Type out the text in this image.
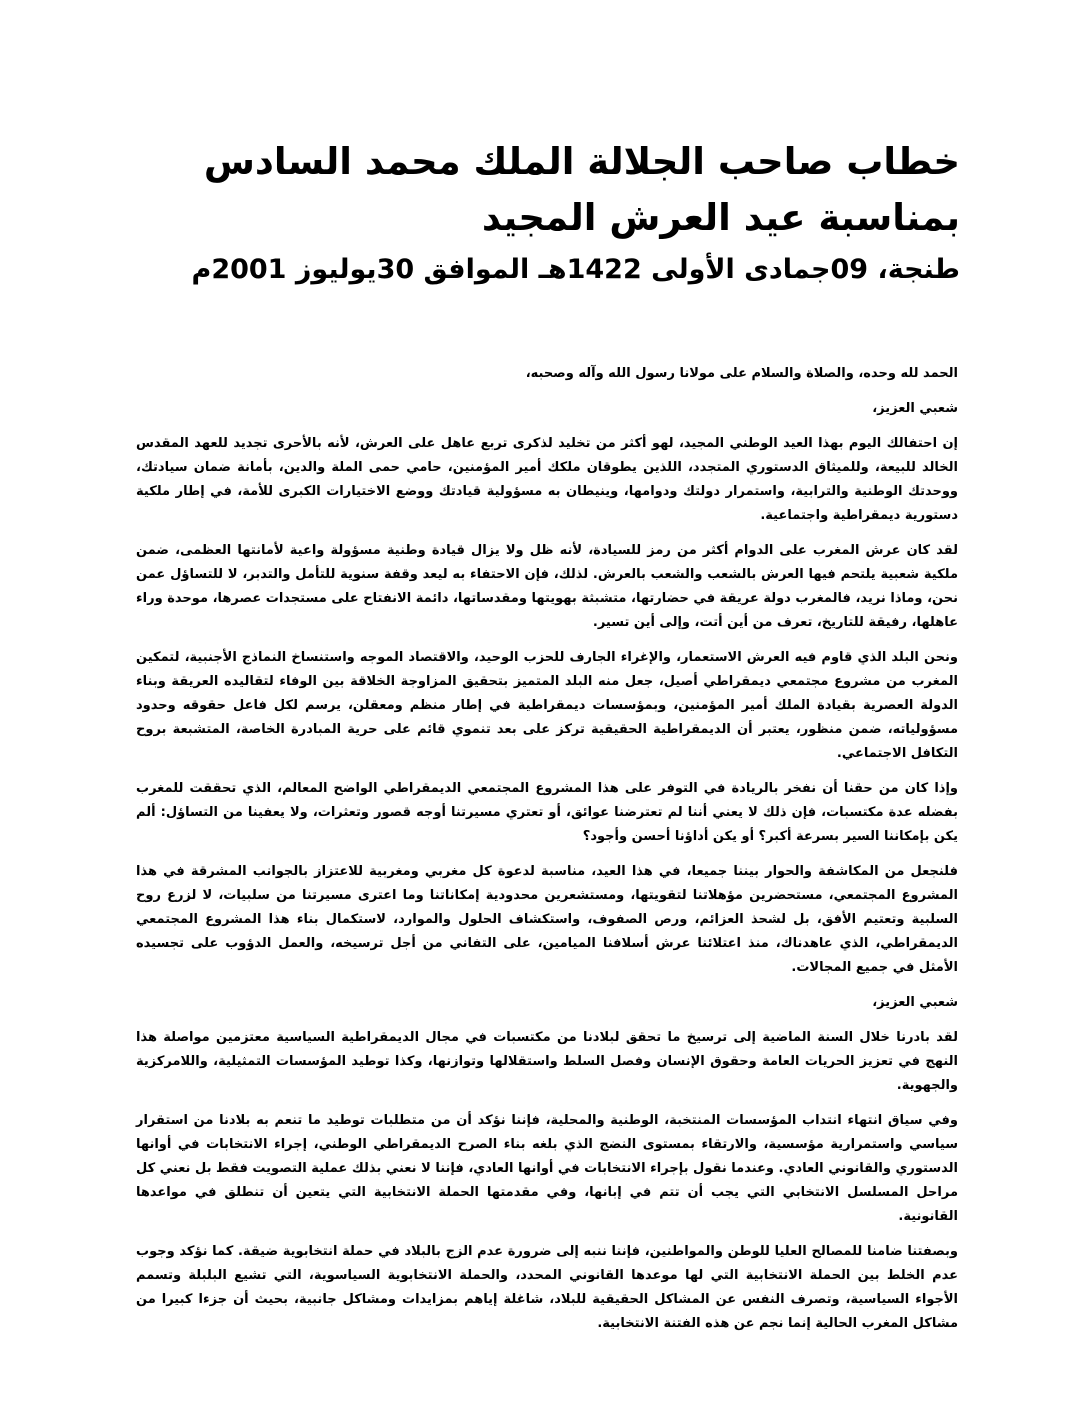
خطاب صاحب الجلالة الملك محمد السادس بمناسبة عيد العرش المجيد
طنجة، 09جمادى الأولى 1422هـ الموافق 30يوليوز 2001م

الحمد لله وحده، والصلاة والسلام على مولانا رسول الله وآله وصحبه،

شعبي العزيز،

إن احتفالك اليوم بهذا العيد الوطني المجيد، لهو أكثر من تخليد لذكرى تربع عاهل على العرش، لأنه بالأحرى تجديد للعهد المقدس الخالد للبيعة، وللميثاق الدستوري المتجدد، اللذين يطوقان ملكك أمير المؤمنين، حامي حمى الملة والدين، بأمانة ضمان سيادتك، ووحدتك الوطنية والترابية، واستمرار دولتك ودوامها، وينيطان به مسؤولية قيادتك ووضع الاختيارات الكبرى للأمة، في إطار ملكية دستورية ديمقراطية واجتماعية.

لقد كان عرش المغرب على الدوام أكثر من رمز للسيادة، لأنه ظل ولا يزال قيادة وطنية مسؤولة واعية لأمانتها العظمى، ضمن ملكية شعبية يلتحم فيها العرش بالشعب والشعب بالعرش. لذلك، فإن الاحتفاء به ليعد وقفة سنوية للتأمل والتدبر، لا للتساؤل عمن نحن، وماذا نريد، فالمغرب دولة عريقة في حضارتها، متشبثة بهويتها ومقدساتها، دائمة الانفتاح على مستجدات عصرها، موحدة وراء عاهلها، رفيقة للتاريخ، تعرف من أين أتت، وإلى أين تسير.

ونحن البلد الذي قاوم فيه العرش الاستعمار، والإغراء الجارف للحزب الوحيد، والاقتصاد الموجه واستنساخ النماذج الأجنبية، لتمكين المغرب من مشروع مجتمعي ديمقراطي أصيل، جعل منه البلد المتميز بتحقيق المزاوجة الخلاقة بين الوفاء لتقاليده العريقة وبناء الدولة العصرية بقيادة الملك أمير المؤمنين، وبمؤسسات ديمقراطية في إطار منظم ومعقلن، يرسم لكل فاعل حقوقه وحدود مسؤولياته، ضمن منظور، يعتبر أن الديمقراطية الحقيقية تركز على بعد تنموي قائم على حرية المبادرة الخاصة، المتشبعة بروح التكافل الاجتماعي.

وإذا كان من حقنا أن نفخر بالريادة في التوفر على هذا المشروع المجتمعي الديمقراطي الواضح المعالم، الذي تحققت للمغرب بفضله عدة مكتسبات، فإن ذلك لا يعني أننا لم تعترضنا عوائق، أو تعتري مسيرتنا أوجه قصور وتعثرات، ولا يعفينا من التساؤل: ألم يكن بإمكاننا السير بسرعة أكبر؟ أو يكن أداؤنا أحسن وأجود؟

فلنجعل من المكاشفة والحوار بيننا جميعا، في هذا العيد، مناسبة لدعوة كل مغربي ومغربية للاعتزاز بالجوانب المشرقة في هذا المشروع المجتمعي، مستحضرين مؤهلاتنا لتقويتها، ومستشعرين محدودية إمكاناتنا وما اعترى مسيرتنا من سلبيات، لا لزرع روح السلبية وتعتيم الأفق، بل لشحذ العزائم، ورص الصفوف، واستكشاف الحلول والموارد، لاستكمال بناء هذا المشروع المجتمعي الديمقراطي، الذي عاهدناك، منذ اعتلائنا عرش أسلافنا الميامين، على التفاني من أجل ترسيخه، والعمل الدؤوب على تجسيده الأمثل في جميع المجالات.

شعبي العزيز،

لقد بادرنا خلال السنة الماضية إلى ترسيخ ما تحقق لبلادنا من مكتسبات في مجال الديمقراطية السياسية معتزمين مواصلة هذا النهج في تعزيز الحريات العامة وحقوق الإنسان وفصل السلط واستقلالها وتوازنها، وكذا توطيد المؤسسات التمثيلية، واللامركزية والجهوية.

وفي سياق انتهاء انتداب المؤسسات المنتخبة، الوطنية والمحلية، فإننا نؤكد أن من متطلبات توطيد ما تنعم به بلادنا من استقرار سياسي واستمرارية مؤسسية، والارتقاء بمستوى النضج الذي بلغه بناء الصرح الديمقراطي الوطني، إجراء الانتخابات في أوانها الدستوري والقانوني العادي. وعندما نقول بإجراء الانتخابات في أوانها العادي، فإننا لا نعني بذلك عملية التصويت فقط بل نعني كل مراحل المسلسل الانتخابي التي يجب أن تتم في إبانها، وفي مقدمتها الحملة الانتخابية التي يتعين أن تنطلق في مواعدها القانونية.

وبصفتنا ضامنا للمصالح العليا للوطن والمواطنين، فإننا ننبه إلى ضرورة عدم الزج بالبلاد في حملة انتخابوية ضيقة. كما نؤكد وجوب عدم الخلط بين الحملة الانتخابية التي لها موعدها القانوني المحدد، والحملة الانتخابوية السياسوية، التي تشيع البلبلة وتسمم الأجواء السياسية، وتصرف النفس عن المشاكل الحقيقية للبلاد، شاغلة إياهم بمزايدات ومشاكل جانبية، بحيث أن جزءا كبيرا من مشاكل المغرب الحالية إنما نجم عن هذه الفتنة الانتخابية.
